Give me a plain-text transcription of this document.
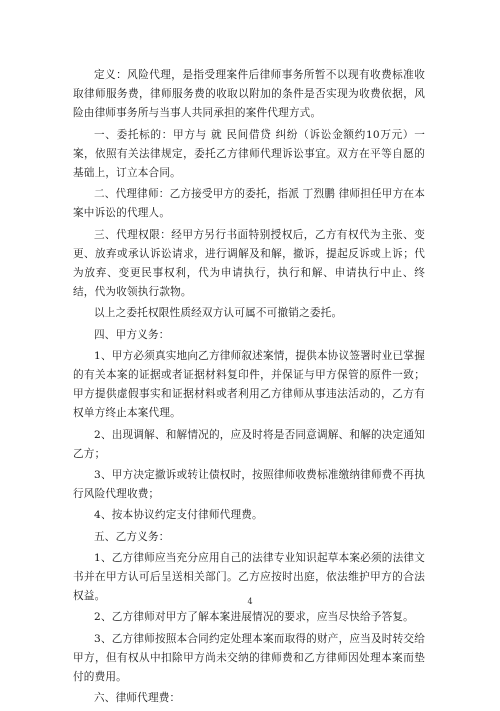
定义：风险代理，是指受理案件后律师事务所暂不以现有收费标准收取律师服务费，律师服务费的收取以附加的条件是否实现为收费依据，风险由律师事务所与当事人共同承担的案件代理方式。

一、委托标的：甲方与 就 民间借贷 纠纷（诉讼金额约10万元）一案，依照有关法律规定，委托乙方律师代理诉讼事宜。双方在平等自愿的基础上，订立本合同。

二、代理律师：乙方接受甲方的委托，指派 丁烈鹏 律师担任甲方在本案中诉讼的代理人。

三、代理权限：经甲方另行书面特别授权后，乙方有权代为主张、变更、放弃或承认诉讼请求，进行调解及和解，撤诉，提起反诉或上诉；代为放弃、变更民事权利，代为申请执行，执行和解、申请执行中止、终结，代为收领执行款物。

以上之委托权限性质经双方认可属不可撤销之委托。

四、甲方义务：

1、甲方必须真实地向乙方律师叙述案情，提供本协议签署时业已掌握的有关本案的证据或者证据材料复印件，并保证与甲方保管的原件一致；甲方提供虚假事实和证据材料或者利用乙方律师从事违法活动的，乙方有权单方终止本案代理。

2、出现调解、和解情况的，应及时将是否同意调解、和解的决定通知乙方；

3、甲方决定撤诉或转让债权时，按照律师收费标准缴纳律师费不再执行风险代理收费；

4、按本协议约定支付律师代理费。

五、乙方义务：

1、乙方律师应当充分应用自己的法律专业知识起草本案必须的法律文书并在甲方认可后呈送相关部门。乙方应按时出庭，依法维护甲方的合法权益。

2、乙方律师对甲方了解本案进展情况的要求，应当尽快给予答复。

3、乙方律师按照本合同约定处理本案而取得的财产，应当及时转交给甲方，但有权从中扣除甲方尚未交纳的律师费和乙方律师因处理本案而垫付的费用。

六、律师代理费：

4
